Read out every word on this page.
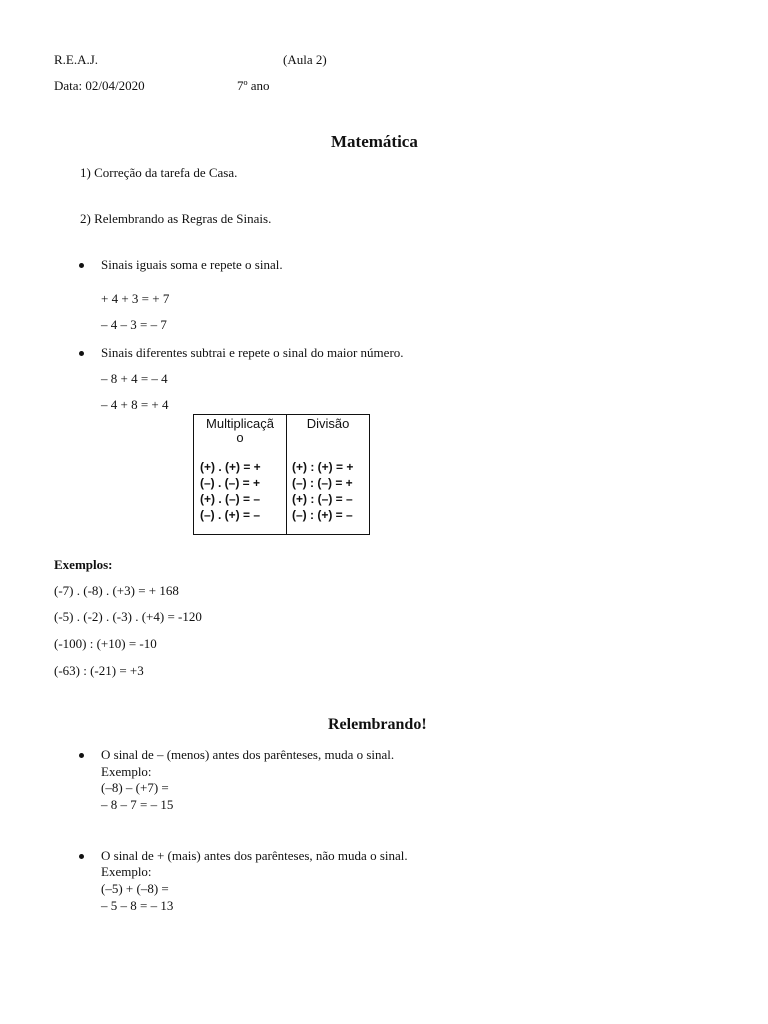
R.E.A.J.	(Aula 2)
Data: 02/04/2020	7º ano
Matemática
1) Correção da tarefa de Casa.
2) Relembrando as Regras de Sinais.
Sinais iguais soma e repete o sinal.
+ 4 + 3 = + 7
– 4 – 3 = – 7
Sinais diferentes subtrai e repete o sinal do maior número.
– 8 + 4 = – 4
– 4 + 8 = + 4
Multiplicaçã
o
Divisão
(+) . (+) = +
(–) . (–) = +
(+) . (–) = –
(–) . (+) = –
(+) : (+) = +
(–) : (–) = +
(+) : (–) = –
(–) : (+) = –
Exemplos:
(-7) . (-8) . (+3) = + 168
(-5) . (-2) . (-3) . (+4) = -120
(-100) : (+10) = -10
(-63) : (-21) = +3
Relembrando!
O sinal de – (menos) antes dos parênteses, muda o sinal.
Exemplo:
(–8) – (+7) =
– 8 – 7 = – 15
O sinal de + (mais) antes dos parênteses, não muda o sinal.
Exemplo:
(–5) + (–8) =
– 5 – 8 = – 13
